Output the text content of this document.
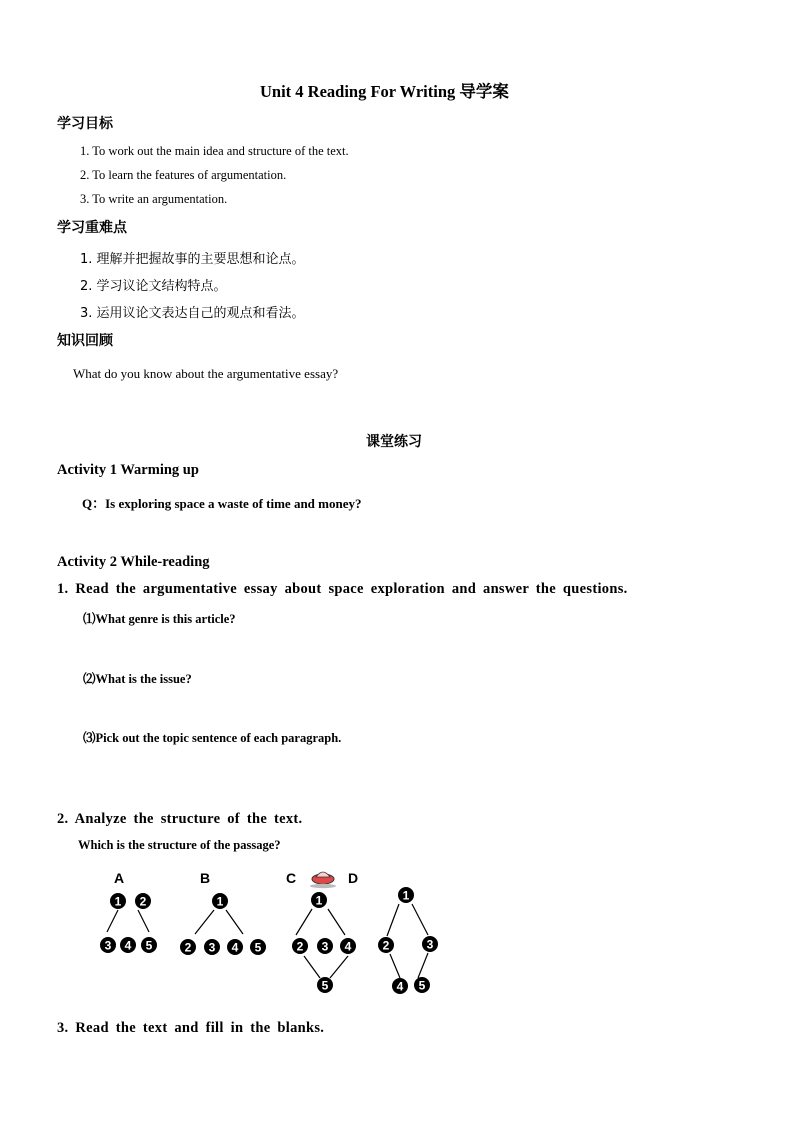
Unit 4 Reading For Writing 导学案
学习目标
1. To work out the main idea and structure of the text.
2. To learn the features of argumentation.
3. To write an argumentation.
学习重难点
1. 理解并把握故事的主要思想和论点。
2. 学习议论文结构特点。
3. 运用议论文表达自己的观点和看法。
知识回顾
What do you know about the argumentative essay?
课堂练习
Activity 1 Warming up
Q：Is exploring space a waste of time and money?
Activity 2 While-reading
1. Read the argumentative essay about space exploration and answer the questions.
⑴What genre is this article?
⑵What is the issue?
⑶Pick out the topic sentence of each paragraph.
2. Analyze the structure of the text.
Which is the structure of the passage?
A	B	C	D
1 2
3 4 5
1
2 3 4 5
1
2 3 4
5
1
2	3
4 5
3. Read the text and fill in the blanks.
